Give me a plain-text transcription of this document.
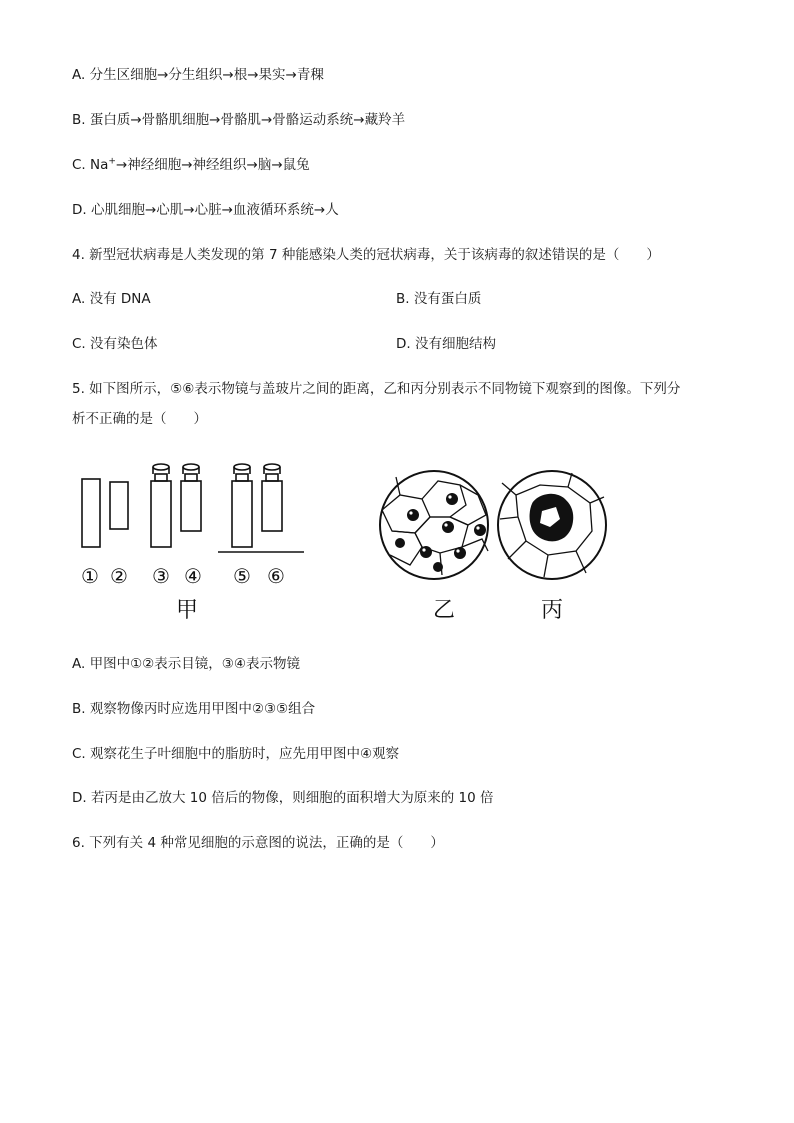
A. 分生区细胞→分生组织→根→果实→青稞
B. 蛋白质→骨骼肌细胞→骨骼肌→骨骼运动系统→藏羚羊
C. Na+→神经细胞→神经组织→脑→鼠兔
D. 心肌细胞→心肌→心脏→血液循环系统→人
4. 新型冠状病毒是人类发现的第 7 种能感染人类的冠状病毒，关于该病毒的叙述错误的是（　　）
A. 没有 DNA	B. 没有蛋白质
C. 没有染色体	D. 没有细胞结构
5. 如下图所示，⑤⑥表示物镜与盖玻片之间的距离，乙和丙分别表示不同物镜下观察到的图像。下列分
析不正确的是（　　）
① ② ③ ④ ⑤ ⑥
甲	乙	丙
A. 甲图中①②表示目镜，③④表示物镜
B. 观察物像丙时应选用甲图中②③⑤组合
C. 观察花生子叶细胞中的脂肪时，应先用甲图中④观察
D. 若丙是由乙放大 10 倍后的物像，则细胞的面积增大为原来的 10 倍
6. 下列有关 4 种常见细胞的示意图的说法，正确的是（　　）
